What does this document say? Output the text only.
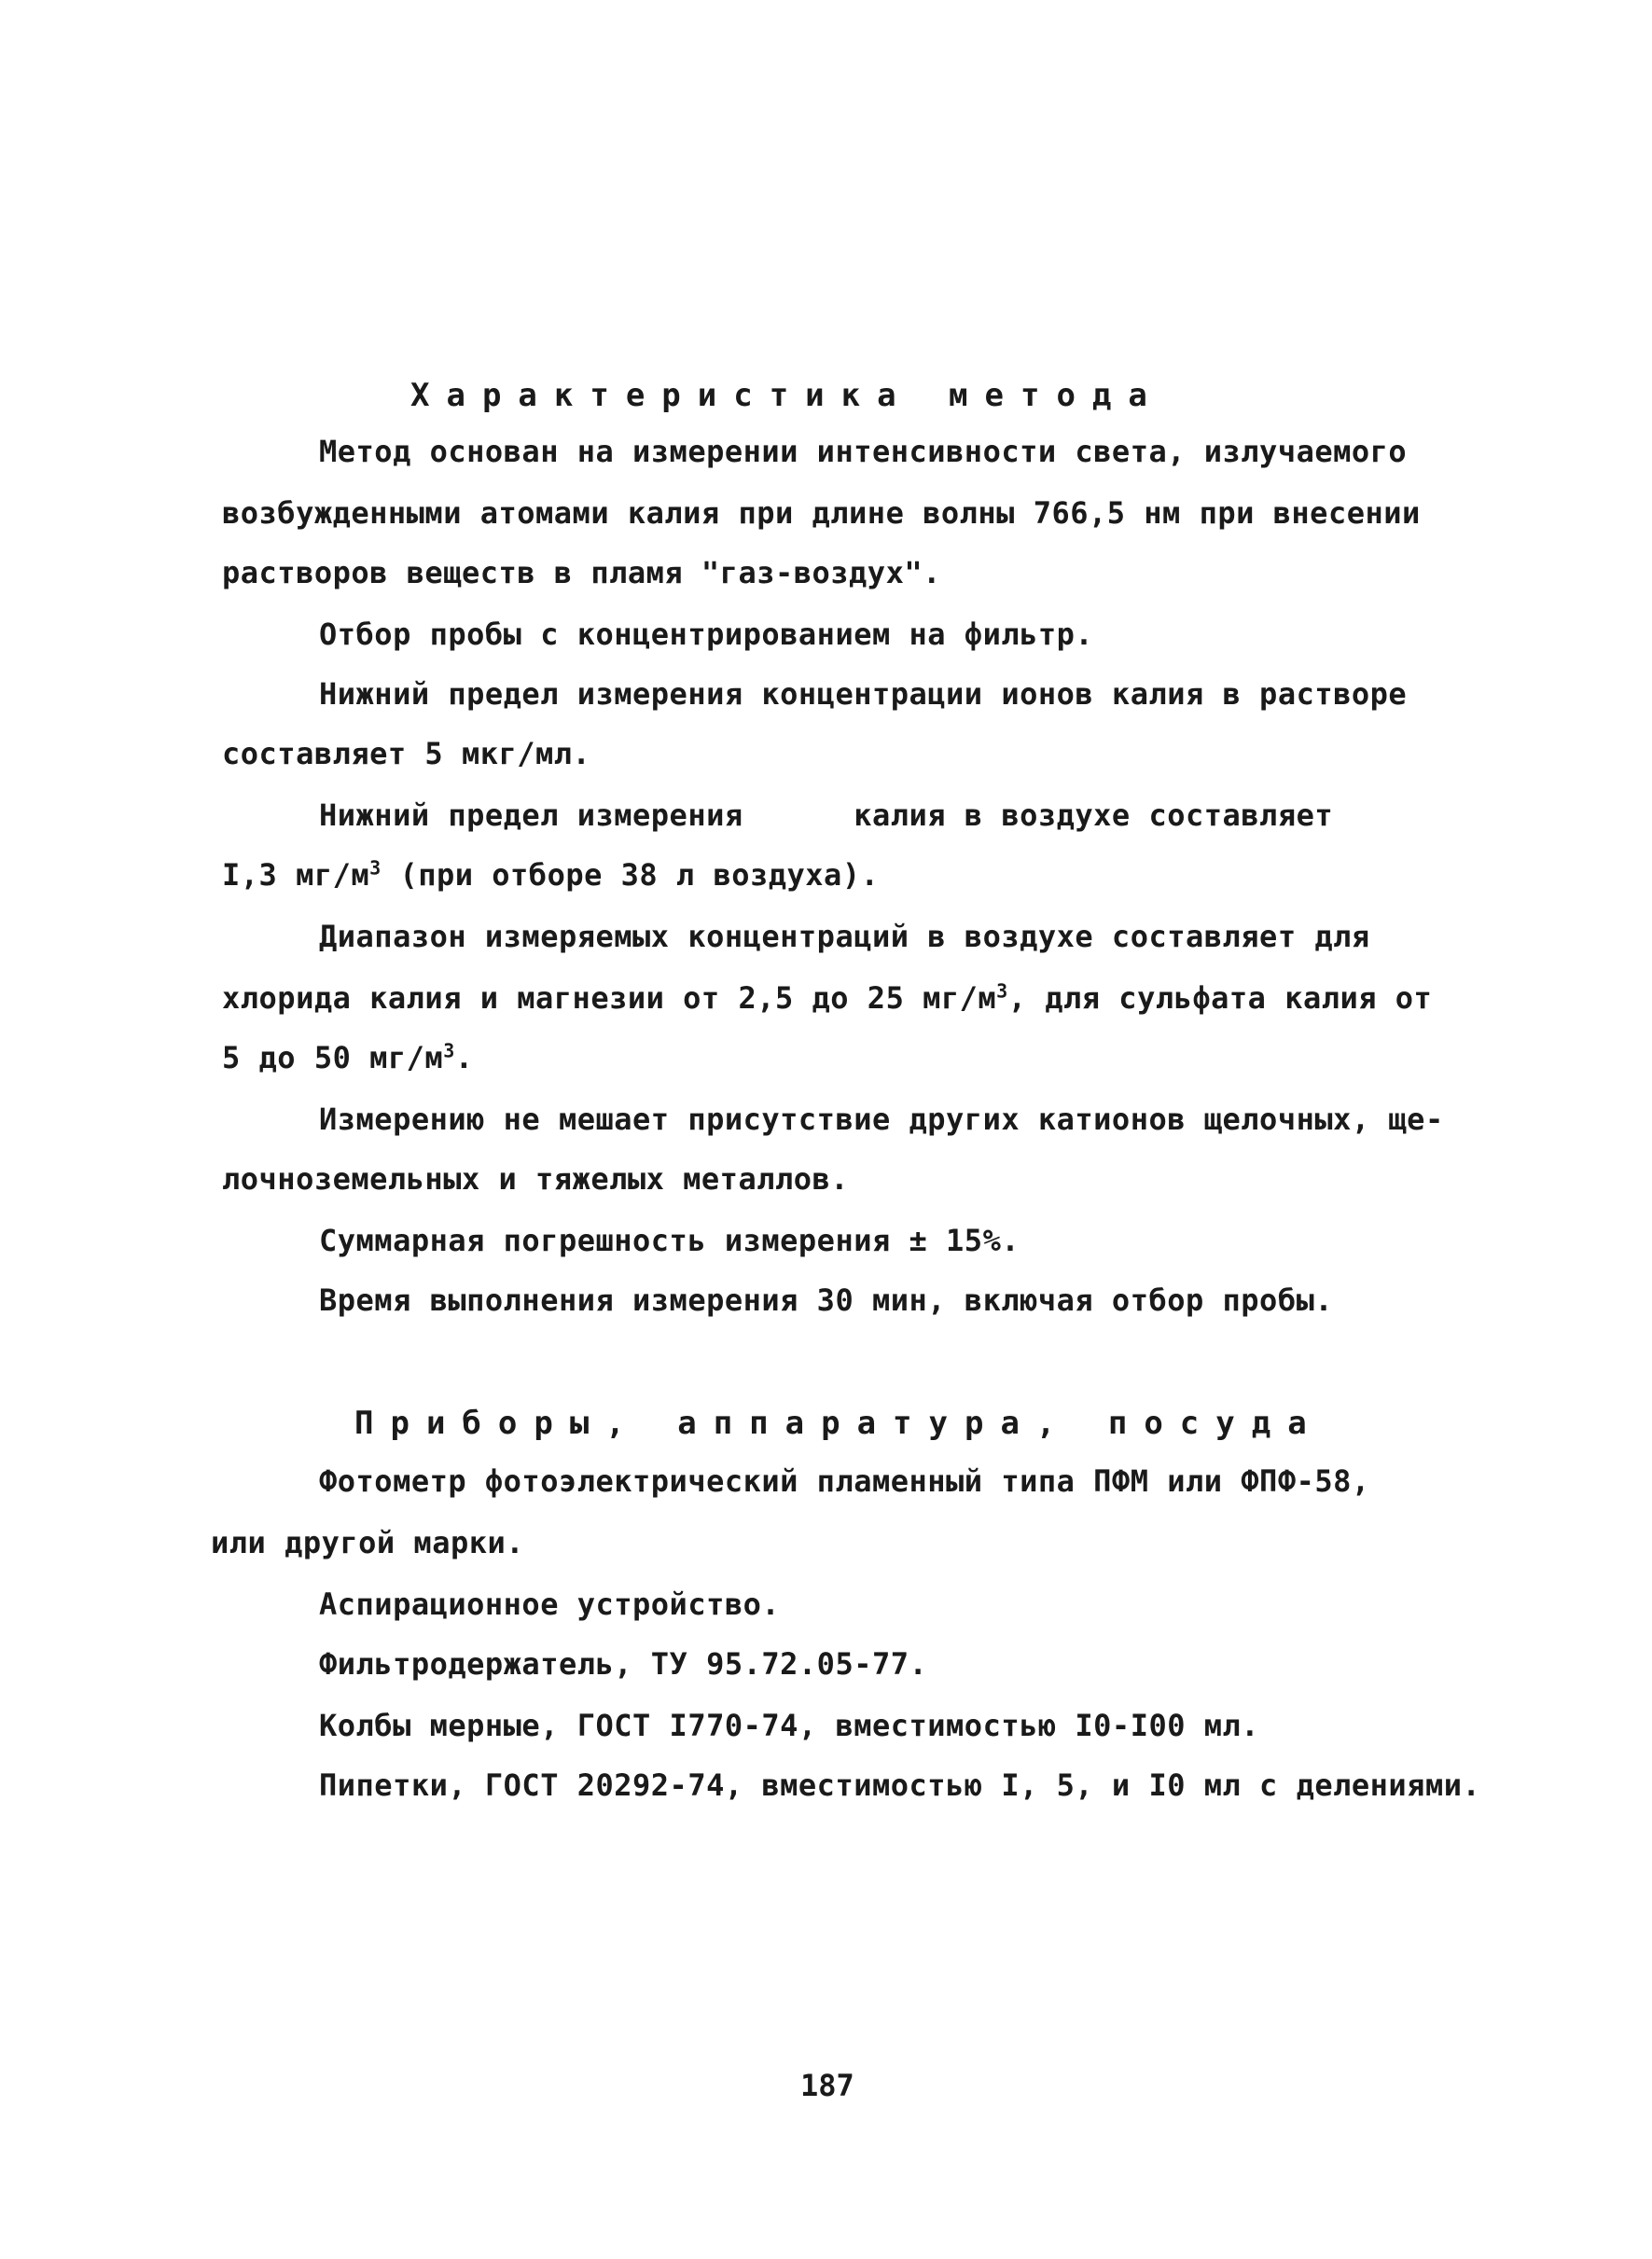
Характеристика метода
Метод основан на измерении интенсивности света, излучаемого
возбужденными атомами калия при длине волны 766,5 нм при внесении
растворов веществ в пламя "газ-воздух".
Отбор пробы с концентрированием на фильтр.
Нижний предел измерения концентрации ионов калия в растворе
составляет 5 мкг/мл.
Нижний предел измерения      калия в воздухе составляет
I,3 $мг/м^3$ (при отборе 38 л воздуха).
Диапазон измеряемых концентраций в воздухе составляет для
хлорида калия и магнезии от 2,5 до 25 $мг/м^3$, для сульфата калия от
5 до 50 $мг/м^3$.
Измерению не мешает присутствие других катионов щелочных, ще-
лочноземельных и тяжелых металлов.
Суммарная погрешность измерения ± 15%.
Время выполнения измерения 30 мин, включая отбор пробы.
Приборы, аппаратура, посуда
Фотометр фотоэлектрический пламенный типа ПФМ или ФПФ-58,
или другой марки.
Аспирационное устройство.
Фильтродержатель, ТУ 95.72.05-77.
Колбы мерные, ГОСТ I770-74, вместимостью I0-I00 мл.
Пипетки, ГОСТ 20292-74, вместимостью I, 5, и I0 мл с делениями.
187
